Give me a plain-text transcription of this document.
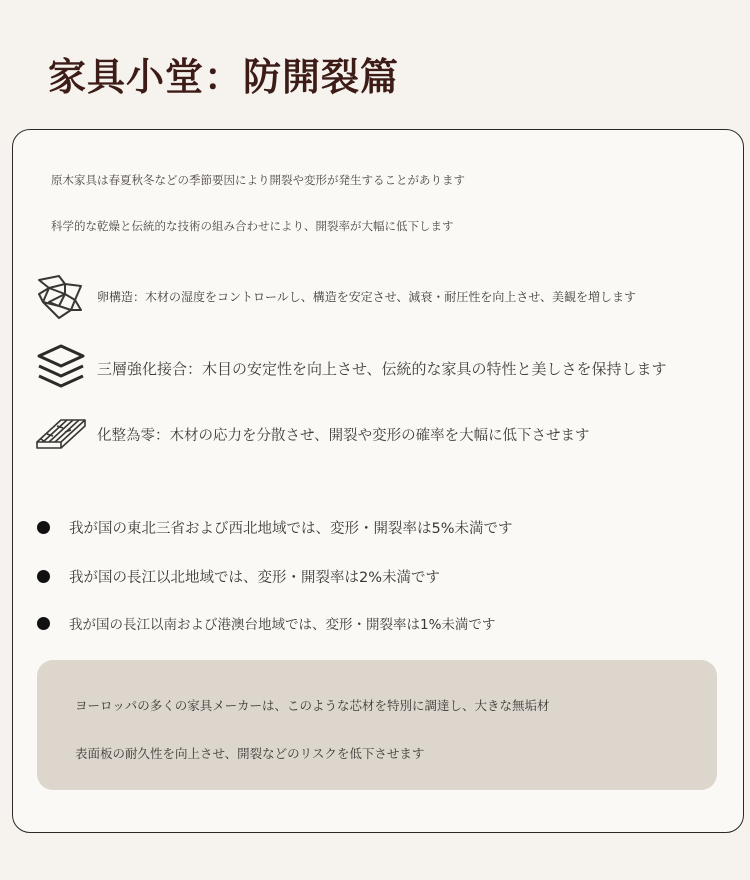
家具小堂：防開裂篇
原木家具は春夏秋冬などの季節要因により開裂や変形が発生することがあります
科学的な乾燥と伝統的な技術の組み合わせにより、開裂率が大幅に低下します
卵構造：木材の湿度をコントロールし、構造を安定させ、減衰・耐圧性を向上させ、美観を増します
三層強化接合：木目の安定性を向上させ、伝統的な家具の特性と美しさを保持します
化整為零：木材の応力を分散させ、開裂や変形の確率を大幅に低下させます
我が国の東北三省および西北地域では、変形・開裂率は5%未満です
我が国の長江以北地域では、変形・開裂率は2%未満です
我が国の長江以南および港澳台地域では、変形・開裂率は1%未満です
ヨーロッパの多くの家具メーカーは、このような芯材を特別に調達し、大きな無垢材
表面板の耐久性を向上させ、開裂などのリスクを低下させます
